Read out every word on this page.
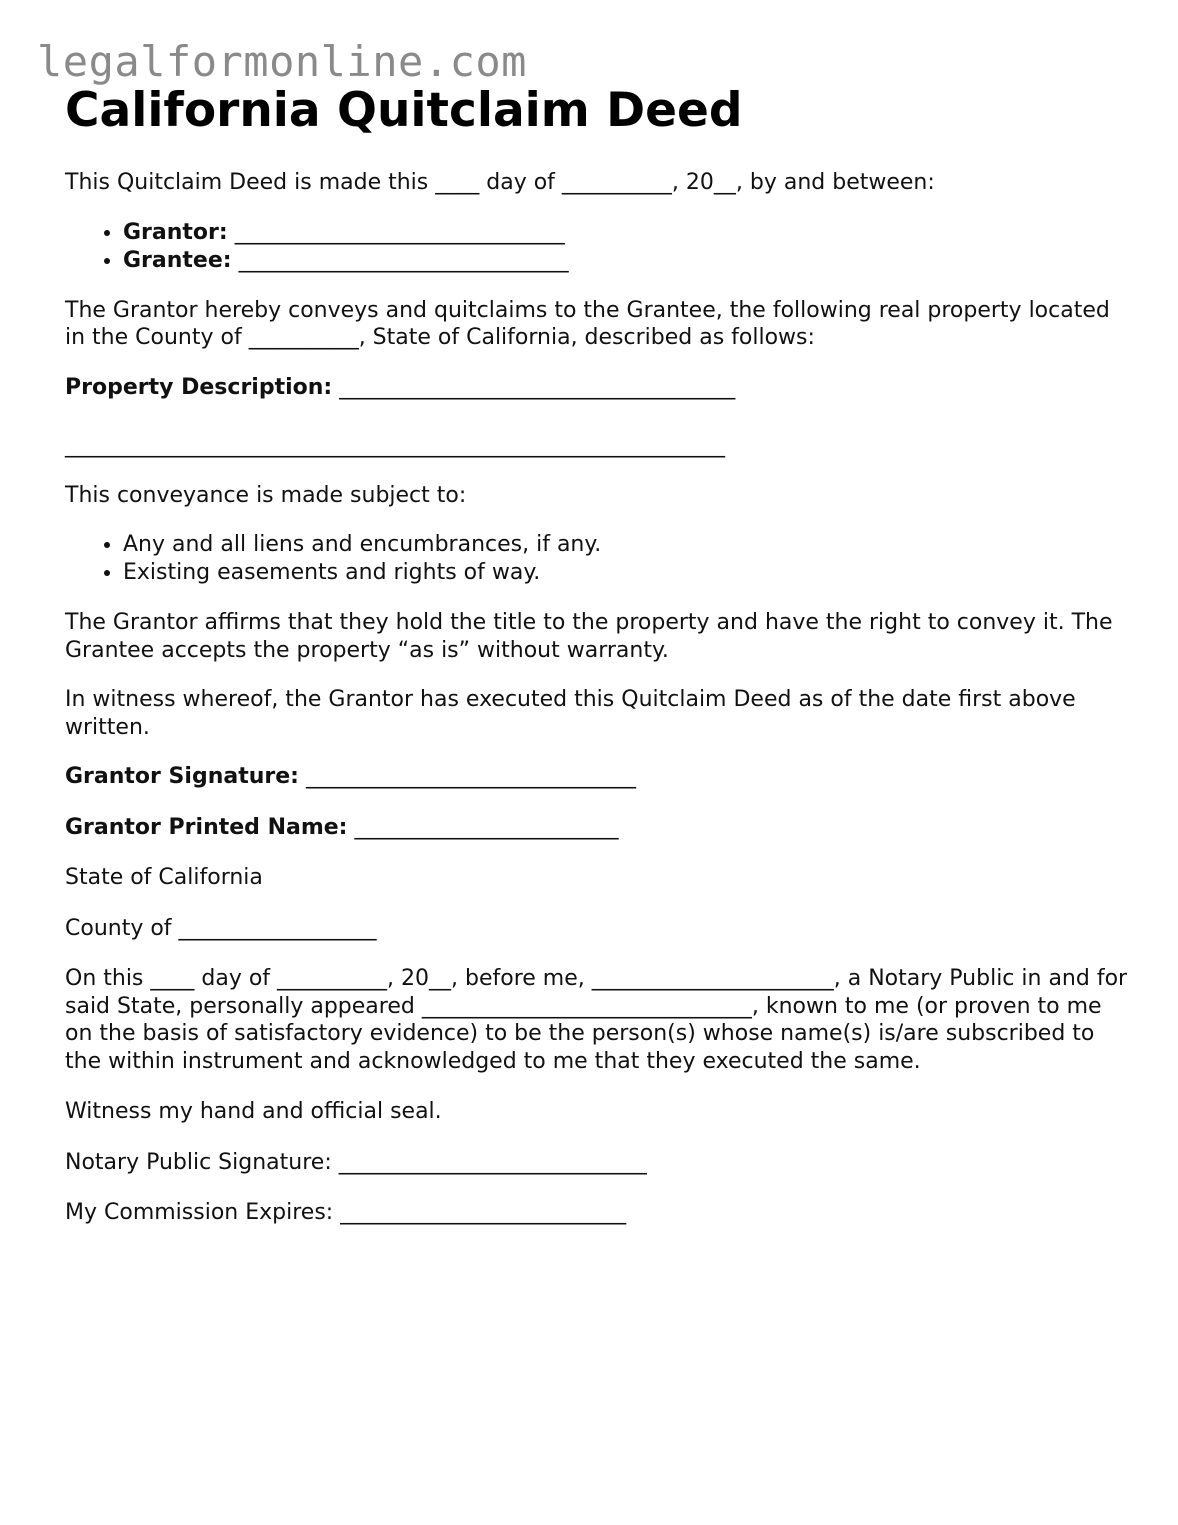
legalformonline.com
California Quitclaim Deed

This Quitclaim Deed is made this ____ day of __________, 20__, by and between:

• Grantor: ______________________________
• Grantee: ______________________________

The Grantor hereby conveys and quitclaims to the Grantee, the following real property located in the County of __________, State of California, described as follows:

Property Description: ____________________________________

____________________________________________________________

This conveyance is made subject to:

• Any and all liens and encumbrances, if any.
• Existing easements and rights of way.

The Grantor affirms that they hold the title to the property and have the right to convey it. The Grantee accepts the property “as is” without warranty.

In witness whereof, the Grantor has executed this Quitclaim Deed as of the date first above written.

Grantor Signature: ______________________________

Grantor Printed Name: ________________________

State of California

County of __________________

On this ____ day of __________, 20__, before me, ______________________, a Notary Public in and for said State, personally appeared ______________________________, known to me (or proven to me on the basis of satisfactory evidence) to be the person(s) whose name(s) is/are subscribed to the within instrument and acknowledged to me that they executed the same.

Witness my hand and official seal.

Notary Public Signature: ____________________________

My Commission Expires: __________________________
